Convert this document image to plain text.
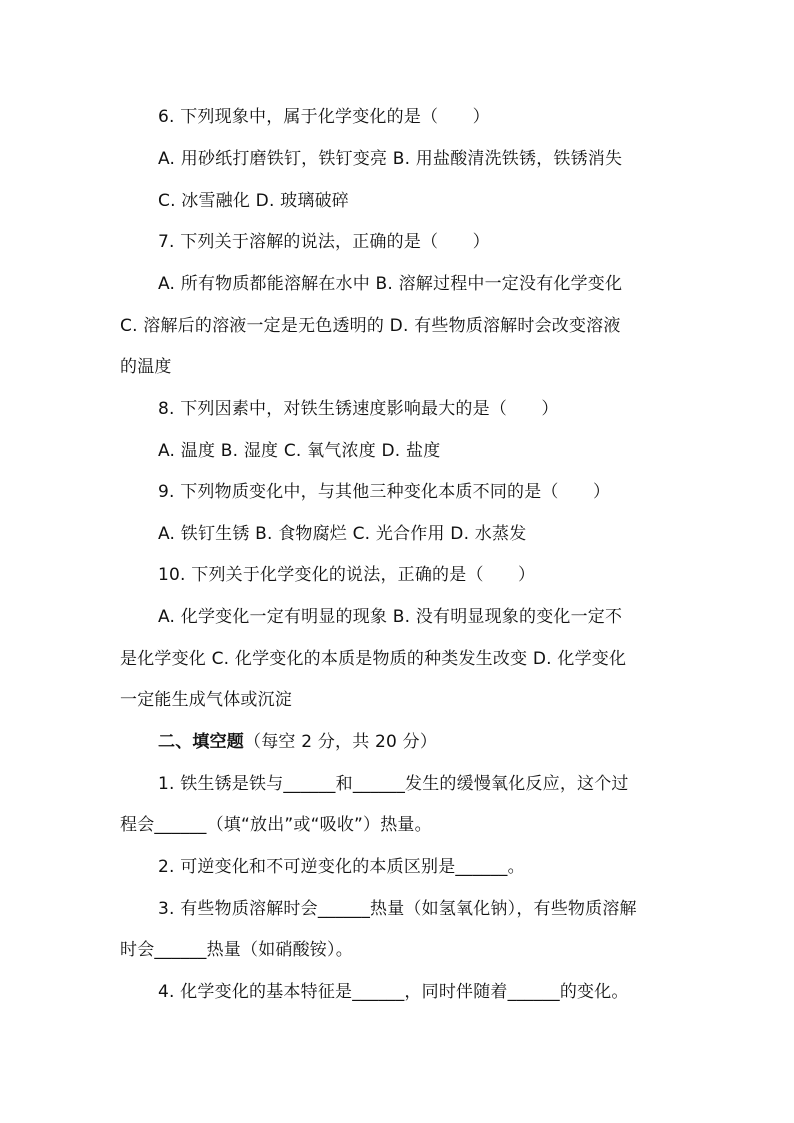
6. 下列现象中，属于化学变化的是（　　）
A. 用砂纸打磨铁钉，铁钉变亮 B. 用盐酸清洗铁锈，铁锈消失
C. 冰雪融化 D. 玻璃破碎
7. 下列关于溶解的说法，正确的是（　　）
A. 所有物质都能溶解在水中 B. 溶解过程中一定没有化学变化
C. 溶解后的溶液一定是无色透明的 D. 有些物质溶解时会改变溶液
的温度
8. 下列因素中，对铁生锈速度影响最大的是（　　）
A. 温度 B. 湿度 C. 氧气浓度 D. 盐度
9. 下列物质变化中，与其他三种变化本质不同的是（　　）
A. 铁钉生锈 B. 食物腐烂 C. 光合作用 D. 水蒸发
10. 下列关于化学变化的说法，正确的是（　　）
A. 化学变化一定有明显的现象 B. 没有明显现象的变化一定不
是化学变化 C. 化学变化的本质是物质的种类发生改变 D. 化学变化
一定能生成气体或沉淀
二、填空题（每空 2 分，共 20 分）
1. 铁生锈是铁与______和______发生的缓慢氧化反应，这个过
程会______（填“放出”或“吸收”）热量。
2. 可逆变化和不可逆变化的本质区别是______。
3. 有些物质溶解时会______热量（如氢氧化钠），有些物质溶解
时会______热量（如硝酸铵）。
4. 化学变化的基本特征是______，同时伴随着______的变化。
